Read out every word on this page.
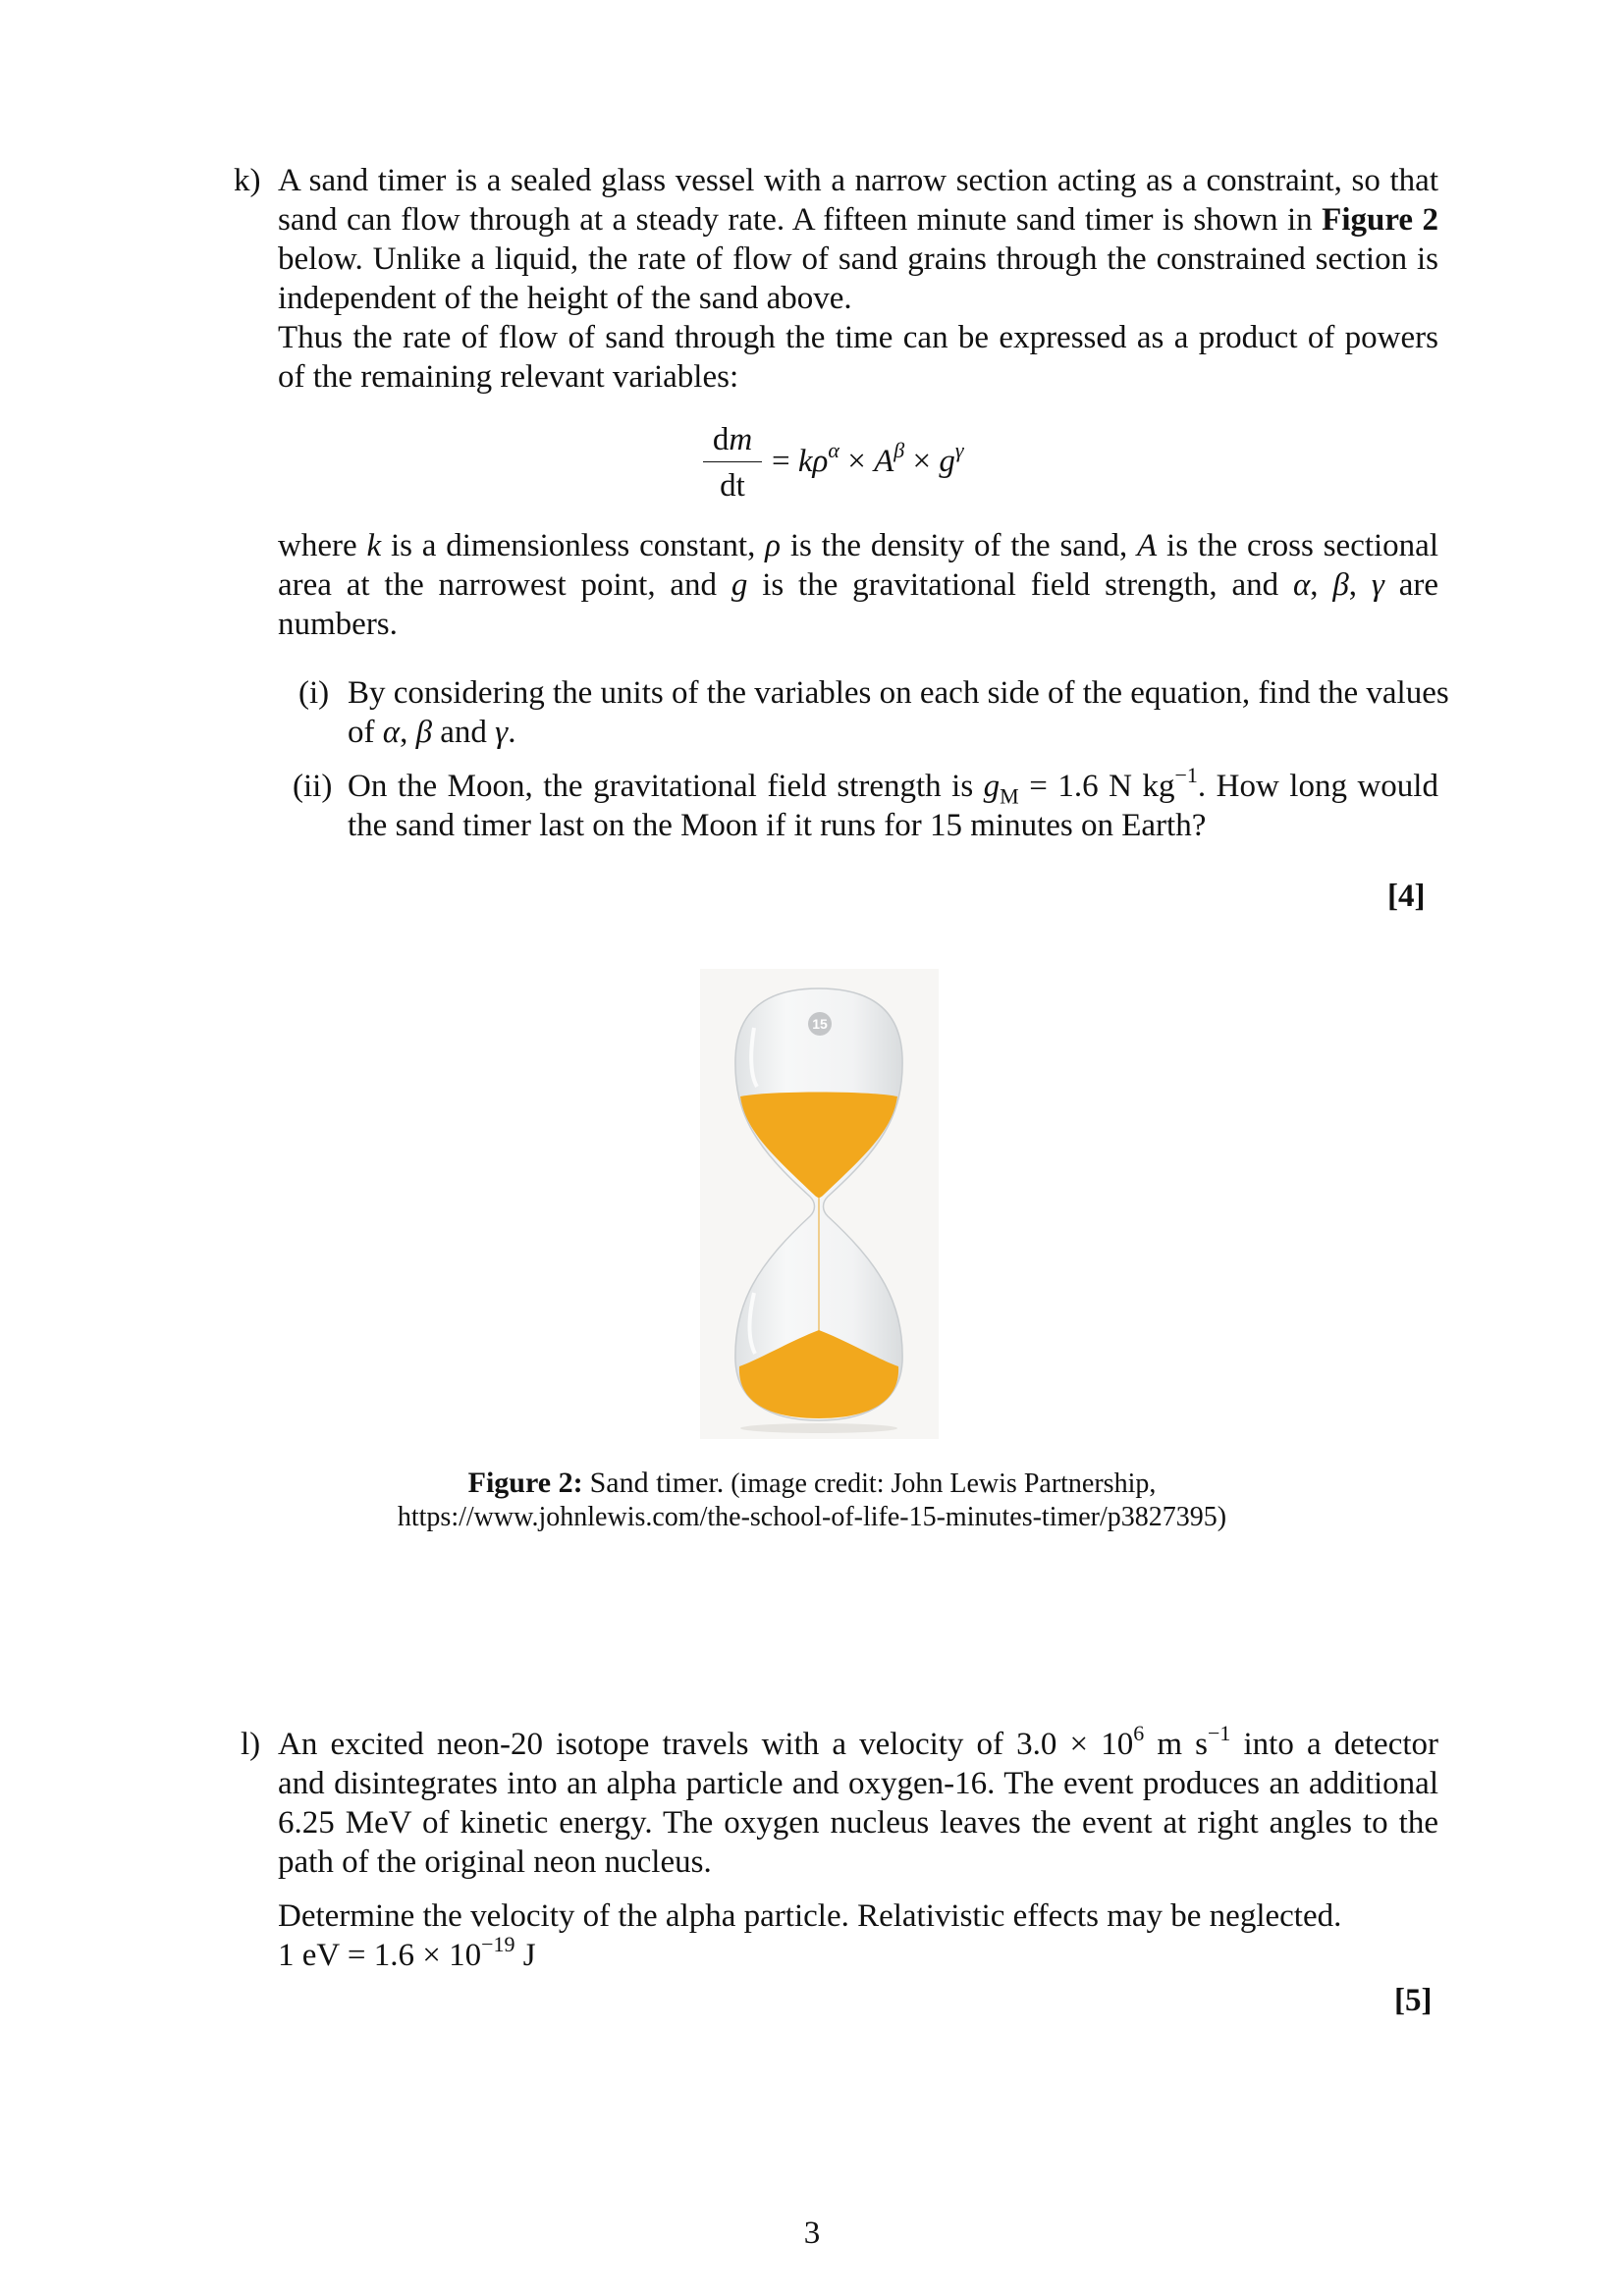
k) A sand timer is a sealed glass vessel with a narrow section acting as a constraint, so that
sand can flow through at a steady rate. A fifteen minute sand timer is shown in Figure 2
below. Unlike a liquid, the rate of flow of sand grains through the constrained section is
independent of the height of the sand above.
Thus the rate of flow of sand through the time can be expressed as a product of powers
of the remaining relevant variables:
dm
dt
= $k\rho^\alpha \times A^\beta \times g^\gamma$
where k is a dimensionless constant, ρ is the density of the sand, A is the cross sectional
area at the narrowest point, and g is the gravitational field strength, and α, β, γ are
numbers.
(i) By considering the units of the variables on each side of the equation, find the values
of α, β and γ.
(ii) On the Moon, the gravitational field strength is $g_M = 1.6$ N $kg^{-1}$. How long would
the sand timer last on the Moon if it runs for 15 minutes on Earth?
[4]
15
Figure 2: Sand timer. (image credit: John Lewis Partnership,
https://www.johnlewis.com/the-school-of-life-15-minutes-timer/p3827395)
l) An excited neon-20 isotope travels with a velocity of $3.0 \times 10^6$ m $s^{-1}$ into a detector
and disintegrates into an alpha particle and oxygen-16. The event produces an additional
6.25 MeV of kinetic energy. The oxygen nucleus leaves the event at right angles to the
path of the original neon nucleus.
Determine the velocity of the alpha particle. Relativistic effects may be neglected.
1 eV = $1.6 \times 10^{-19}$ J
[5]
3
